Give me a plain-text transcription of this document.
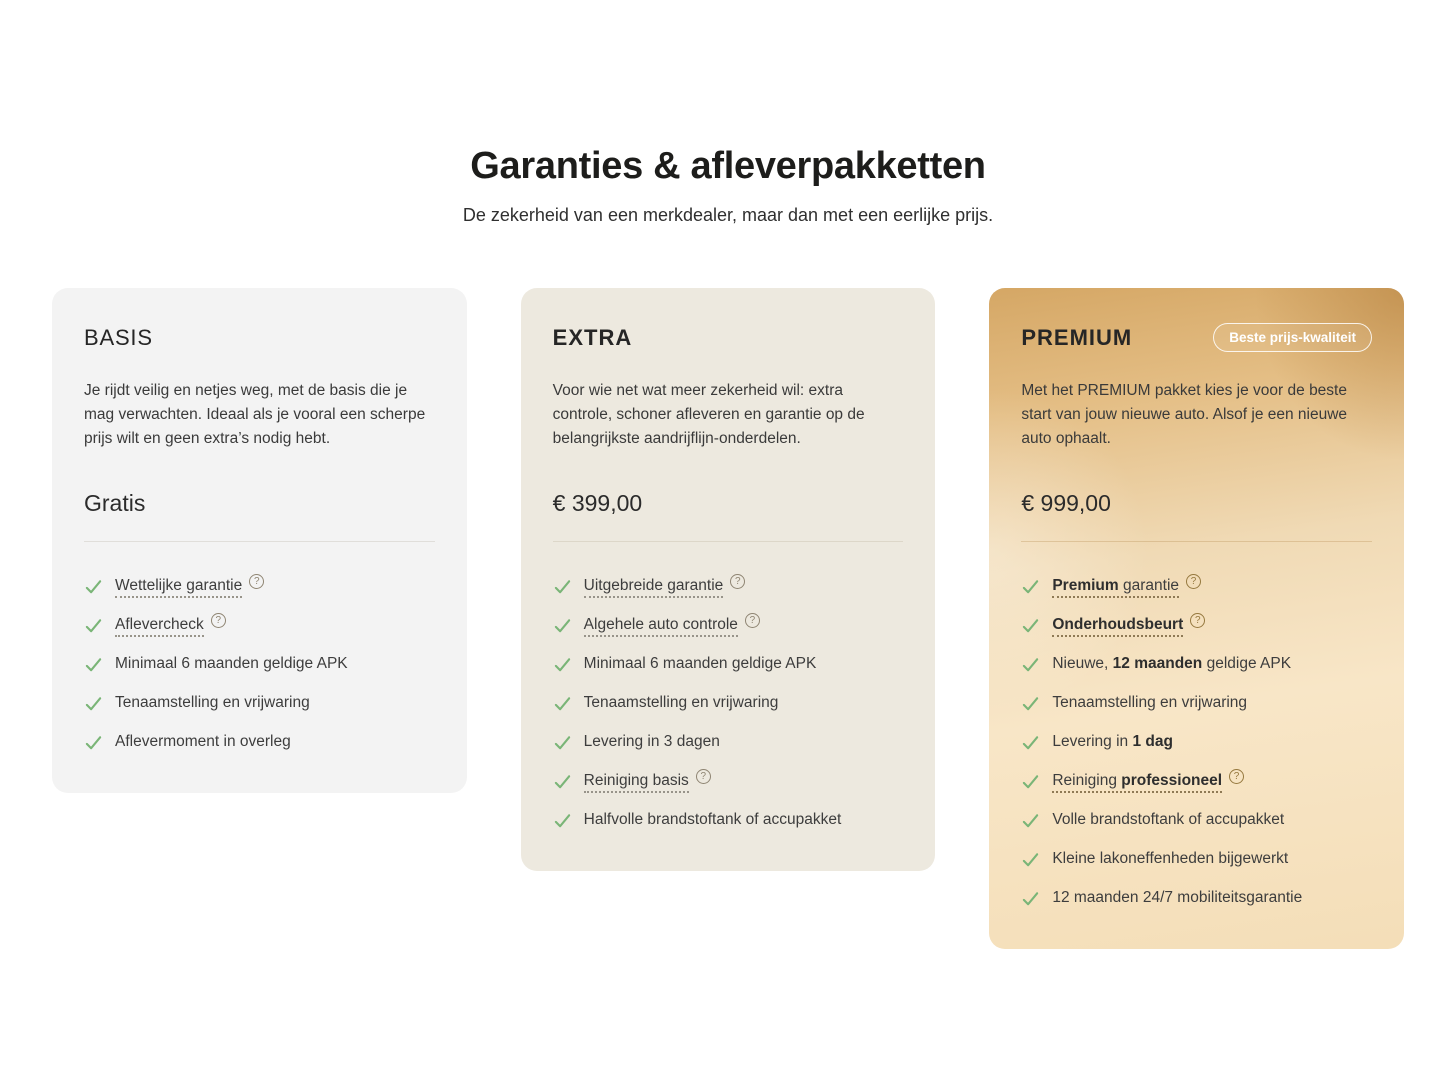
Garanties & afleverpakketten

De zekerheid van een merkdealer, maar dan met een eerlijke prijs.

BASIS

Je rijdt veilig en netjes weg, met de basis die je mag verwachten. Ideaal als je vooral een scherpe prijs wilt en geen extra’s nodig hebt.

Gratis
Wettelijke garantie ?
Aflevercheck ?
Minimaal 6 maanden geldige APK
Tenaamstelling en vrijwaring
Aflevermoment in overleg
EXTRA

Voor wie net wat meer zekerheid wil: extra controle, schoner afleveren en garantie op de belangrijkste aandrijflijn-onderdelen.

€ 399,00
Uitgebreide garantie ?
Algehele auto controle ?
Minimaal 6 maanden geldige APK
Tenaamstelling en vrijwaring
Levering in 3 dagen
Reiniging basis ?
Halfvolle brandstoftank of accupakket
PREMIUM	Beste prijs-kwaliteit

Met het PREMIUM pakket kies je voor de beste start van jouw nieuwe auto. Alsof je een nieuwe auto ophaalt.

€ 999,00
Premium garantie ?
Onderhoudsbeurt ?
Nieuwe, 12 maanden geldige APK
Tenaamstelling en vrijwaring
Levering in 1 dag
Reiniging professioneel ?
Volle brandstoftank of accupakket
Kleine lakoneffenheden bijgewerkt
12 maanden 24/7 mobiliteitsgarantie
